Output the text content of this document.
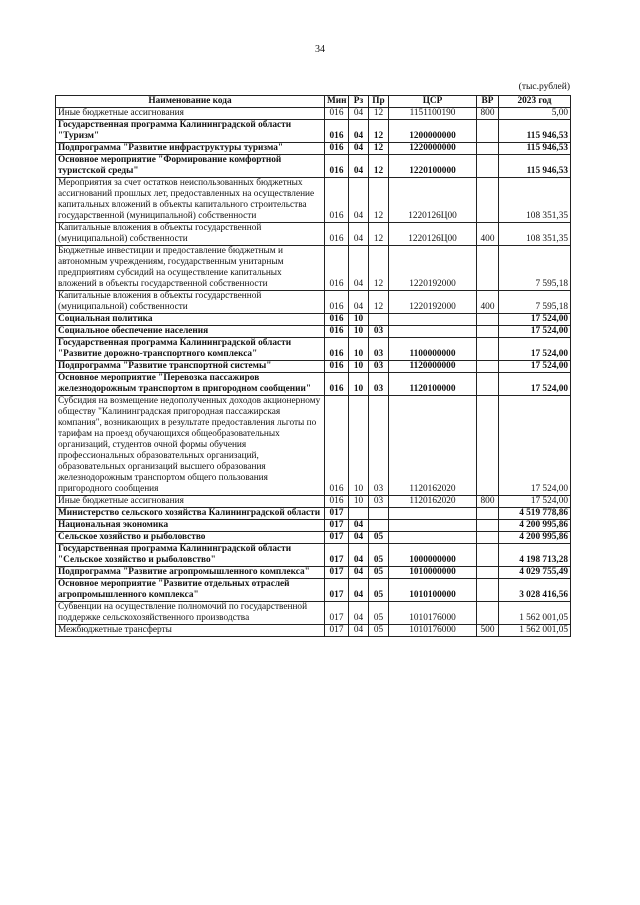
34
(тыс.рублей)
Наименование кода	Мин	Рз	Пр	ЦСР	ВР	2023 год
Иные бюджетные ассигнования	016	04	12	1151100190	800	5,00
Государственная программа Калининградской области "Туризм"	016	04	12	1200000000		115 946,53
Подпрограмма "Развитие инфраструктуры туризма"	016	04	12	1220000000		115 946,53
Основное мероприятие "Формирование комфортной туристской среды"	016	04	12	1220100000		115 946,53
Мероприятия за счет остатков неиспользованных бюджетных ассигнований прошлых лет, предоставленных на осуществление капитальных вложений в объекты капитального строительства государственной (муниципальной) собственности	016	04	12	1220126Ц00		108 351,35
Капитальные вложения в объекты государственной (муниципальной) собственности	016	04	12	1220126Ц00	400	108 351,35
Бюджетные инвестиции и предоставление бюджетным и автономным учреждениям, государственным унитарным предприятиям субсидий на осуществление капитальных вложений в объекты государственной собственности	016	04	12	1220192000		7 595,18
Капитальные вложения в объекты государственной (муниципальной) собственности	016	04	12	1220192000	400	7 595,18
Социальная политика	016	10				17 524,00
Социальное обеспечение населения	016	10	03			17 524,00
Государственная программа Калининградской области "Развитие дорожно-транспортного комплекса"	016	10	03	1100000000		17 524,00
Подпрограмма "Развитие транспортной системы"	016	10	03	1120000000		17 524,00
Основное мероприятие "Перевозка пассажиров железнодорожным транспортом в пригородном сообщении"	016	10	03	1120100000		17 524,00
Субсидия на возмещение недополученных доходов акционерному обществу "Калининградская пригородная пассажирская компания", возникающих в результате предоставления льготы по тарифам на проезд обучающихся общеобразовательных организаций, студентов очной формы обучения профессиональных образовательных организаций, образовательных организаций высшего образования железнодорожным транспортом общего пользования пригородного сообщения	016	10	03	1120162020		17 524,00
Иные бюджетные ассигнования	016	10	03	1120162020	800	17 524,00
Министерство сельского хозяйства Калининградской области	017					4 519 778,86
Национальная экономика	017	04				4 200 995,86
Сельское хозяйство и рыболовство	017	04	05			4 200 995,86
Государственная программа Калининградской области "Сельское хозяйство и рыболовство"	017	04	05	1000000000		4 198 713,28
Подпрограмма "Развитие агропромышленного комплекса"	017	04	05	1010000000		4 029 755,49
Основное мероприятие "Развитие отдельных отраслей агропромышленного комплекса"	017	04	05	1010100000		3 028 416,56
Субвенции на осуществление полномочий по государственной поддержке сельскохозяйственного производства	017	04	05	1010176000		1 562 001,05
Межбюджетные трансферты	017	04	05	1010176000	500	1 562 001,05
